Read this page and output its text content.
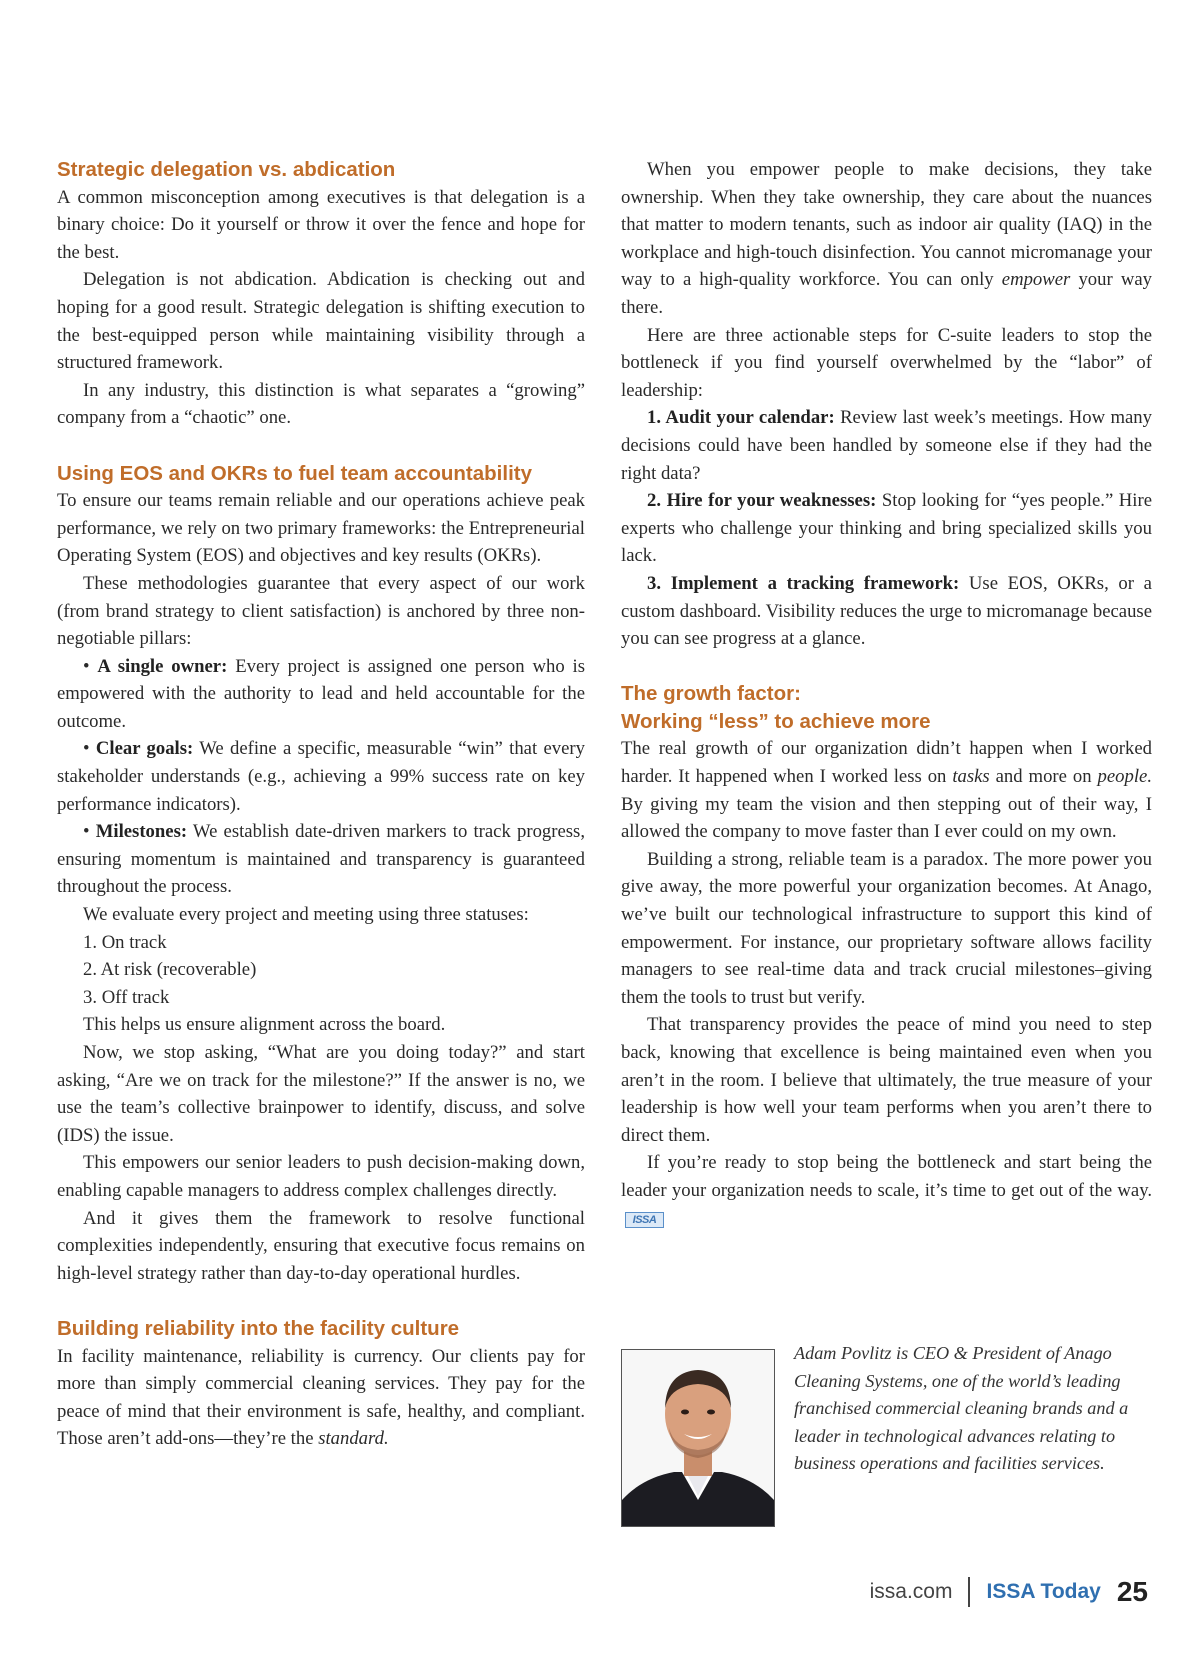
Strategic delegation vs. abdication

A common misconception among executives is that delegation is a binary choice: Do it yourself or throw it over the fence and hope for the best.

Delegation is not abdication. Abdication is checking out and hoping for a good result. Strategic delegation is shifting execution to the best-equipped person while maintaining visibility through a structured framework.

In any industry, this distinction is what separates a “growing” company from a “chaotic” one.

Using EOS and OKRs to fuel team accountability

To ensure our teams remain reliable and our operations achieve peak performance, we rely on two primary frameworks: the Entrepreneurial Operating System (EOS) and objectives and key results (OKRs).

These methodologies guarantee that every aspect of our work (from brand strategy to client satisfaction) is anchored by three non-negotiable pillars:

• A single owner: Every project is assigned one person who is empowered with the authority to lead and held accountable for the outcome.

• Clear goals: We define a specific, measurable “win” that every stakeholder understands (e.g., achieving a 99% success rate on key performance indicators).

• Milestones: We establish date-driven markers to track progress, ensuring momentum is maintained and transparency is guaranteed throughout the process.

We evaluate every project and meeting using three statuses:

1. On track

2. At risk (recoverable)

3. Off track

This helps us ensure alignment across the board.

Now, we stop asking, “What are you doing today?” and start asking, “Are we on track for the milestone?” If the answer is no, we use the team’s collective brainpower to identify, discuss, and solve (IDS) the issue.

This empowers our senior leaders to push decision-making down, enabling capable managers to address complex challenges directly.

And it gives them the framework to resolve functional complexities independently, ensuring that executive focus remains on high-level strategy rather than day-to-day operational hurdles.

Building reliability into the facility culture

In facility maintenance, reliability is currency. Our clients pay for more than simply commercial cleaning services. They pay for the peace of mind that their environment is safe, healthy, and compliant. Those aren’t add-ons—they’re the standard.

When you empower people to make decisions, they take ownership. When they take ownership, they care about the nuances that matter to modern tenants, such as indoor air quality (IAQ) in the workplace and high-touch disinfection. You cannot micromanage your way to a high-quality workforce. You can only empower your way there.

Here are three actionable steps for C-suite leaders to stop the bottleneck if you find yourself overwhelmed by the “labor” of leadership:

1. Audit your calendar: Review last week’s meetings. How many decisions could have been handled by someone else if they had the right data?

2. Hire for your weaknesses: Stop looking for “yes people.” Hire experts who challenge your thinking and bring specialized skills you lack.

3. Implement a tracking framework: Use EOS, OKRs, or a custom dashboard. Visibility reduces the urge to micromanage because you can see progress at a glance.

The growth factor:
Working “less” to achieve more

The real growth of our organization didn’t happen when I worked harder. It happened when I worked less on tasks and more on people. By giving my team the vision and then stepping out of their way, I allowed the company to move faster than I ever could on my own.

Building a strong, reliable team is a paradox. The more power you give away, the more powerful your organization becomes. At Anago, we’ve built our technological infrastructure to support this kind of empowerment. For instance, our proprietary software allows facility managers to see real-time data and track crucial milestones–giving them the tools to trust but verify.

That transparency provides the peace of mind you need to step back, knowing that excellence is being maintained even when you aren’t in the room. I believe that ultimately, the true measure of your leadership is how well your team performs when you aren’t there to direct them.

If you’re ready to stop being the bottleneck and start being the leader your organization needs to scale, it’s time to get out of the way.ISSA

Adam Povlitz is CEO & President of Anago Cleaning Systems, one of the world’s leading franchised commercial cleaning brands and a leader in technological advances relating to business operations and facilities services.

issa.com ISSA Today 25
